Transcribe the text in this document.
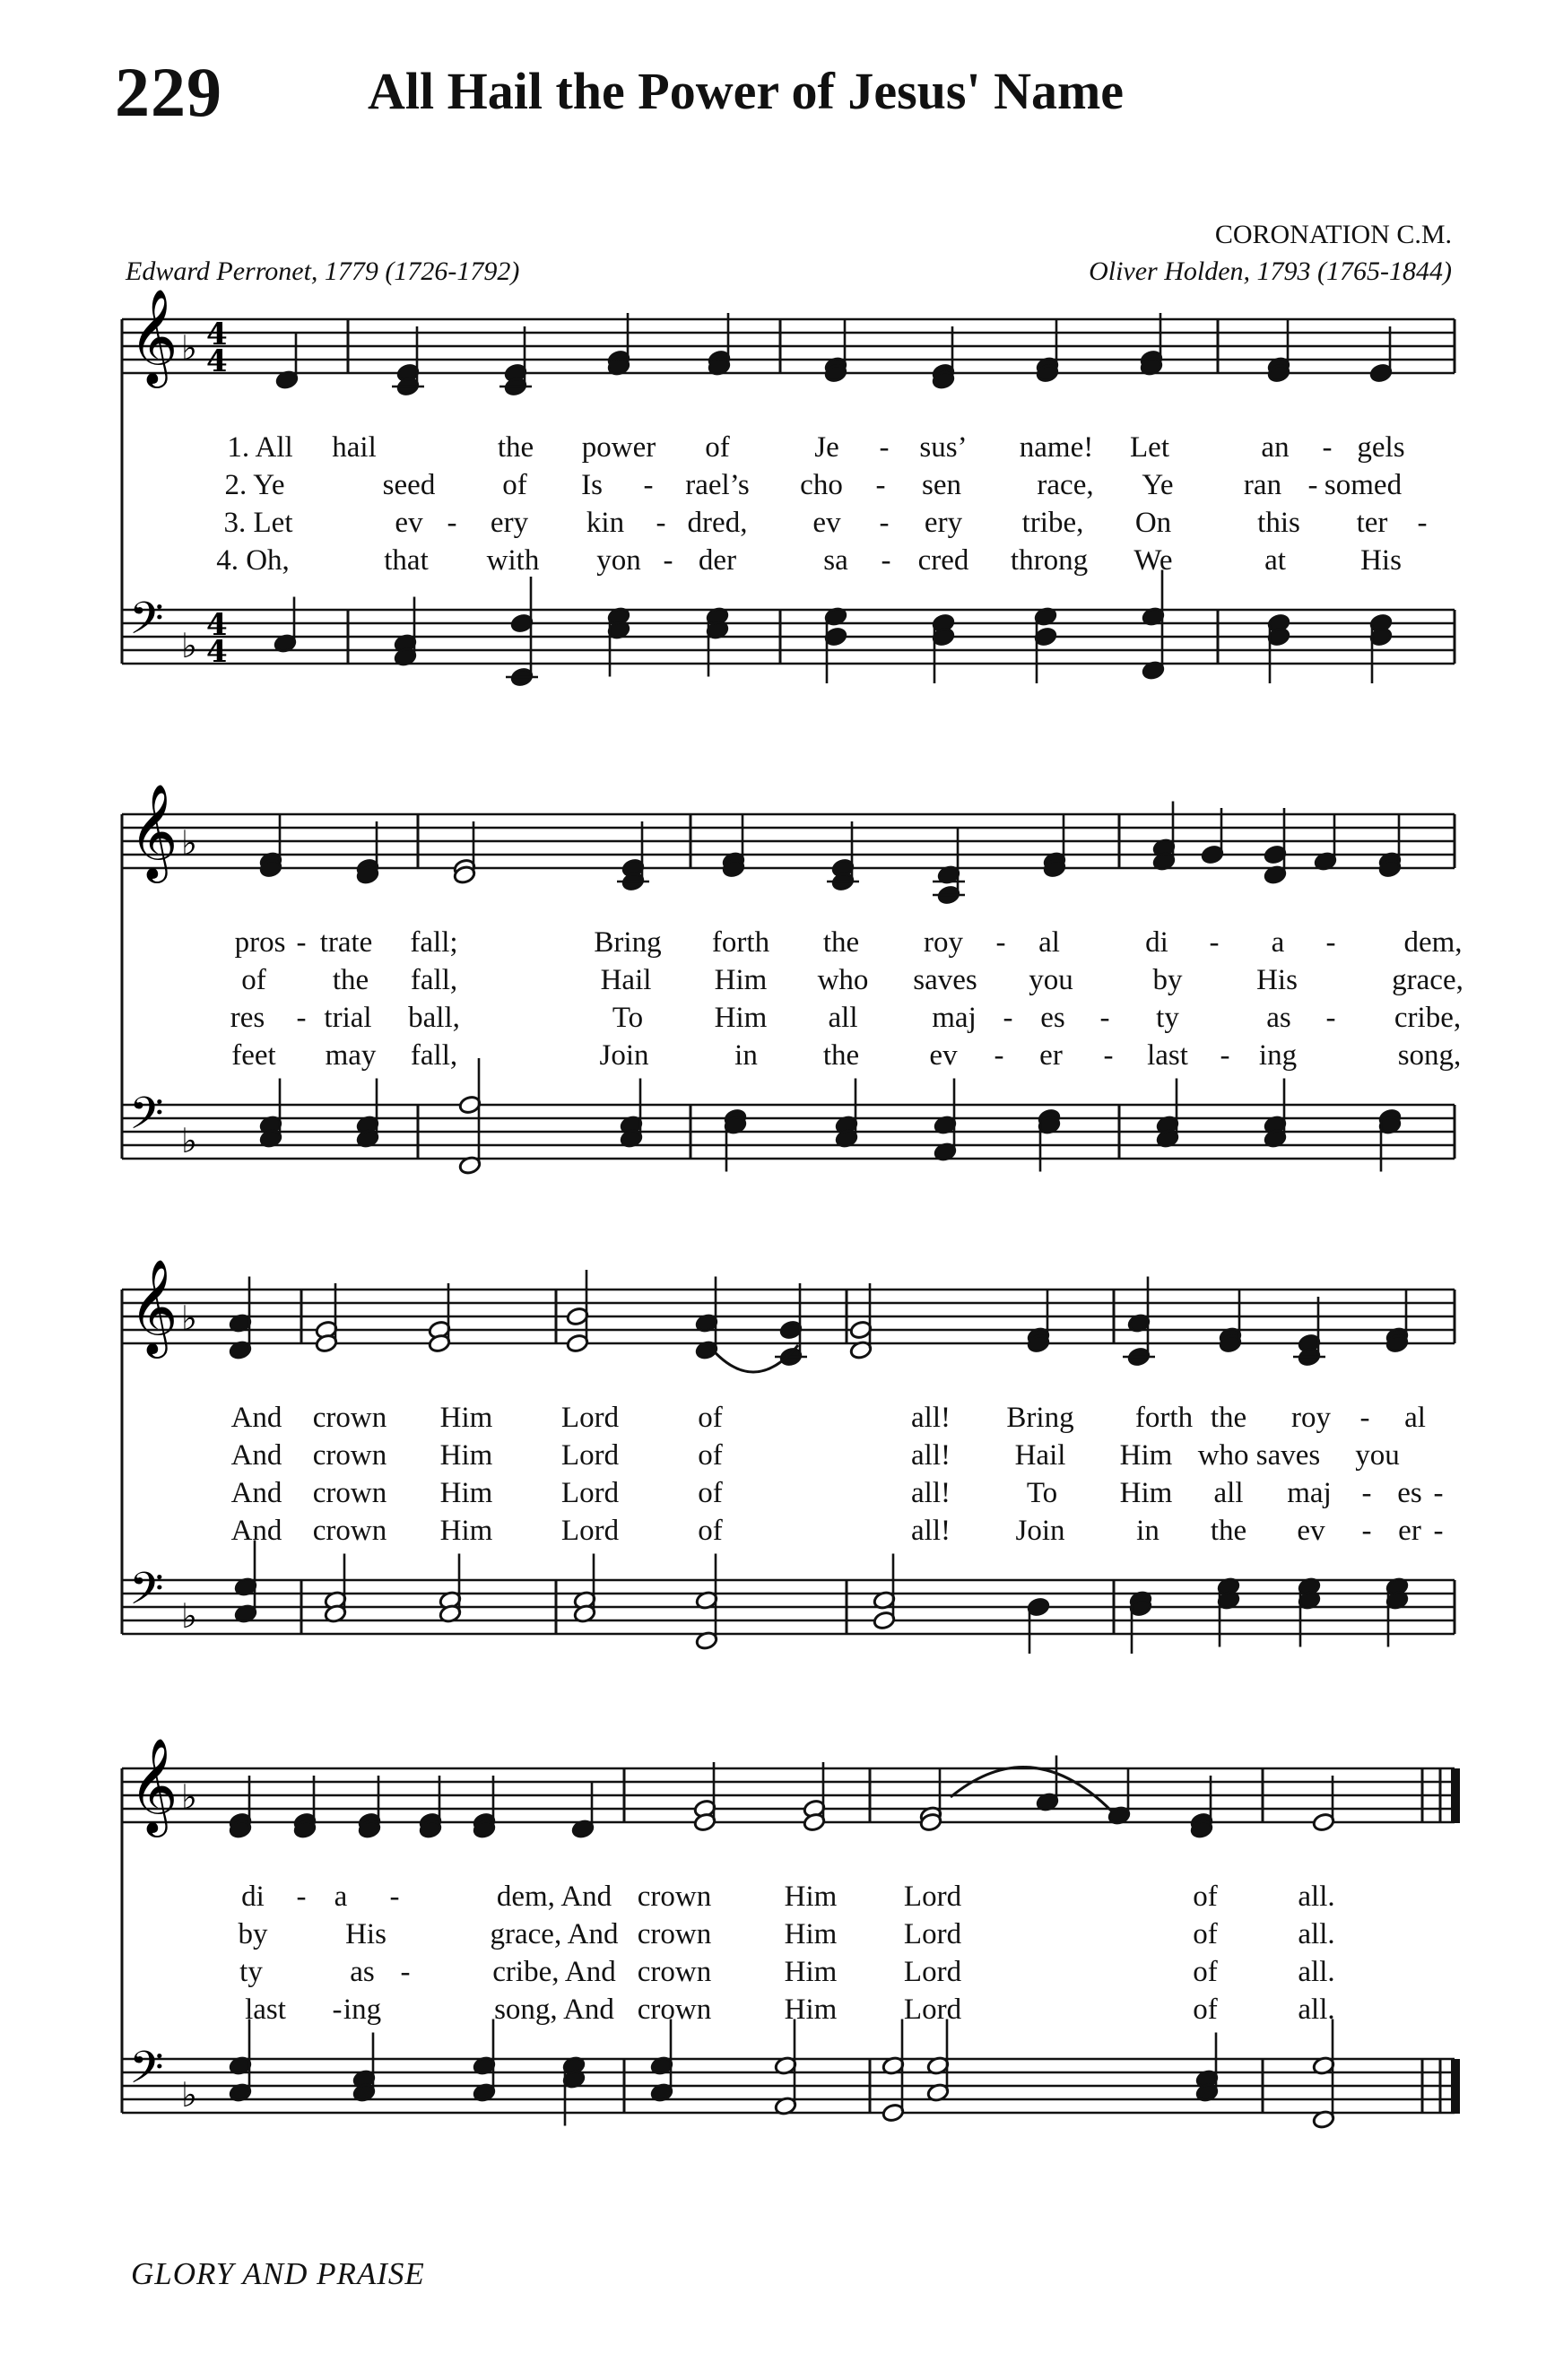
229	All Hail the Power of Jesus' Name
CORONATION C.M.
Edward Perronet, 1779 (1726-1792)	Oliver Holden, 1793 (1765-1844)
𝄞 ♭ 4
4
𝄢 ♭
4
4
𝄞 ♭
𝄢 ♭
𝄞 ♭
𝄢 ♭
𝄞 ♭
𝄢 ♭
GLORY AND PRAISE
1. All hail	the power of	Je - sus’ name! Let	an - gels
2. Ye	seed of Is - rael’s cho - sen	race, Ye ran - somed
3. Let	ev - ery kin - dred, ev - ery tribe, On	this ter -
4. Oh,	that with yon - der	sa - cred throng We	at	His
pros - trate fall;	Bring forth the roy - al	di - a - dem,
of the fall,	Hail Him who saves you	by	His	grace,
res - trial ball,	To Him all	maj - es - ty	as - cribe,
feet may fall,	Join	in the ev - er - last - ing	song,
And crown Him Lord	of	all! Bring forth the roy - al
And crown Him Lord	of	all! Hail Him who saves you
And crown Him Lord	of	all!	To Him all maj - es -
And crown Him Lord	of	all! Join in the ev - er -
di - a -	dem, And crown Him Lord	of	all.
by	His	grace, And crown Him Lord	of	all.
ty	as -	cribe, And crown Him Lord	of	all.
last - ing	song, And crown Him Lord	of	all.
